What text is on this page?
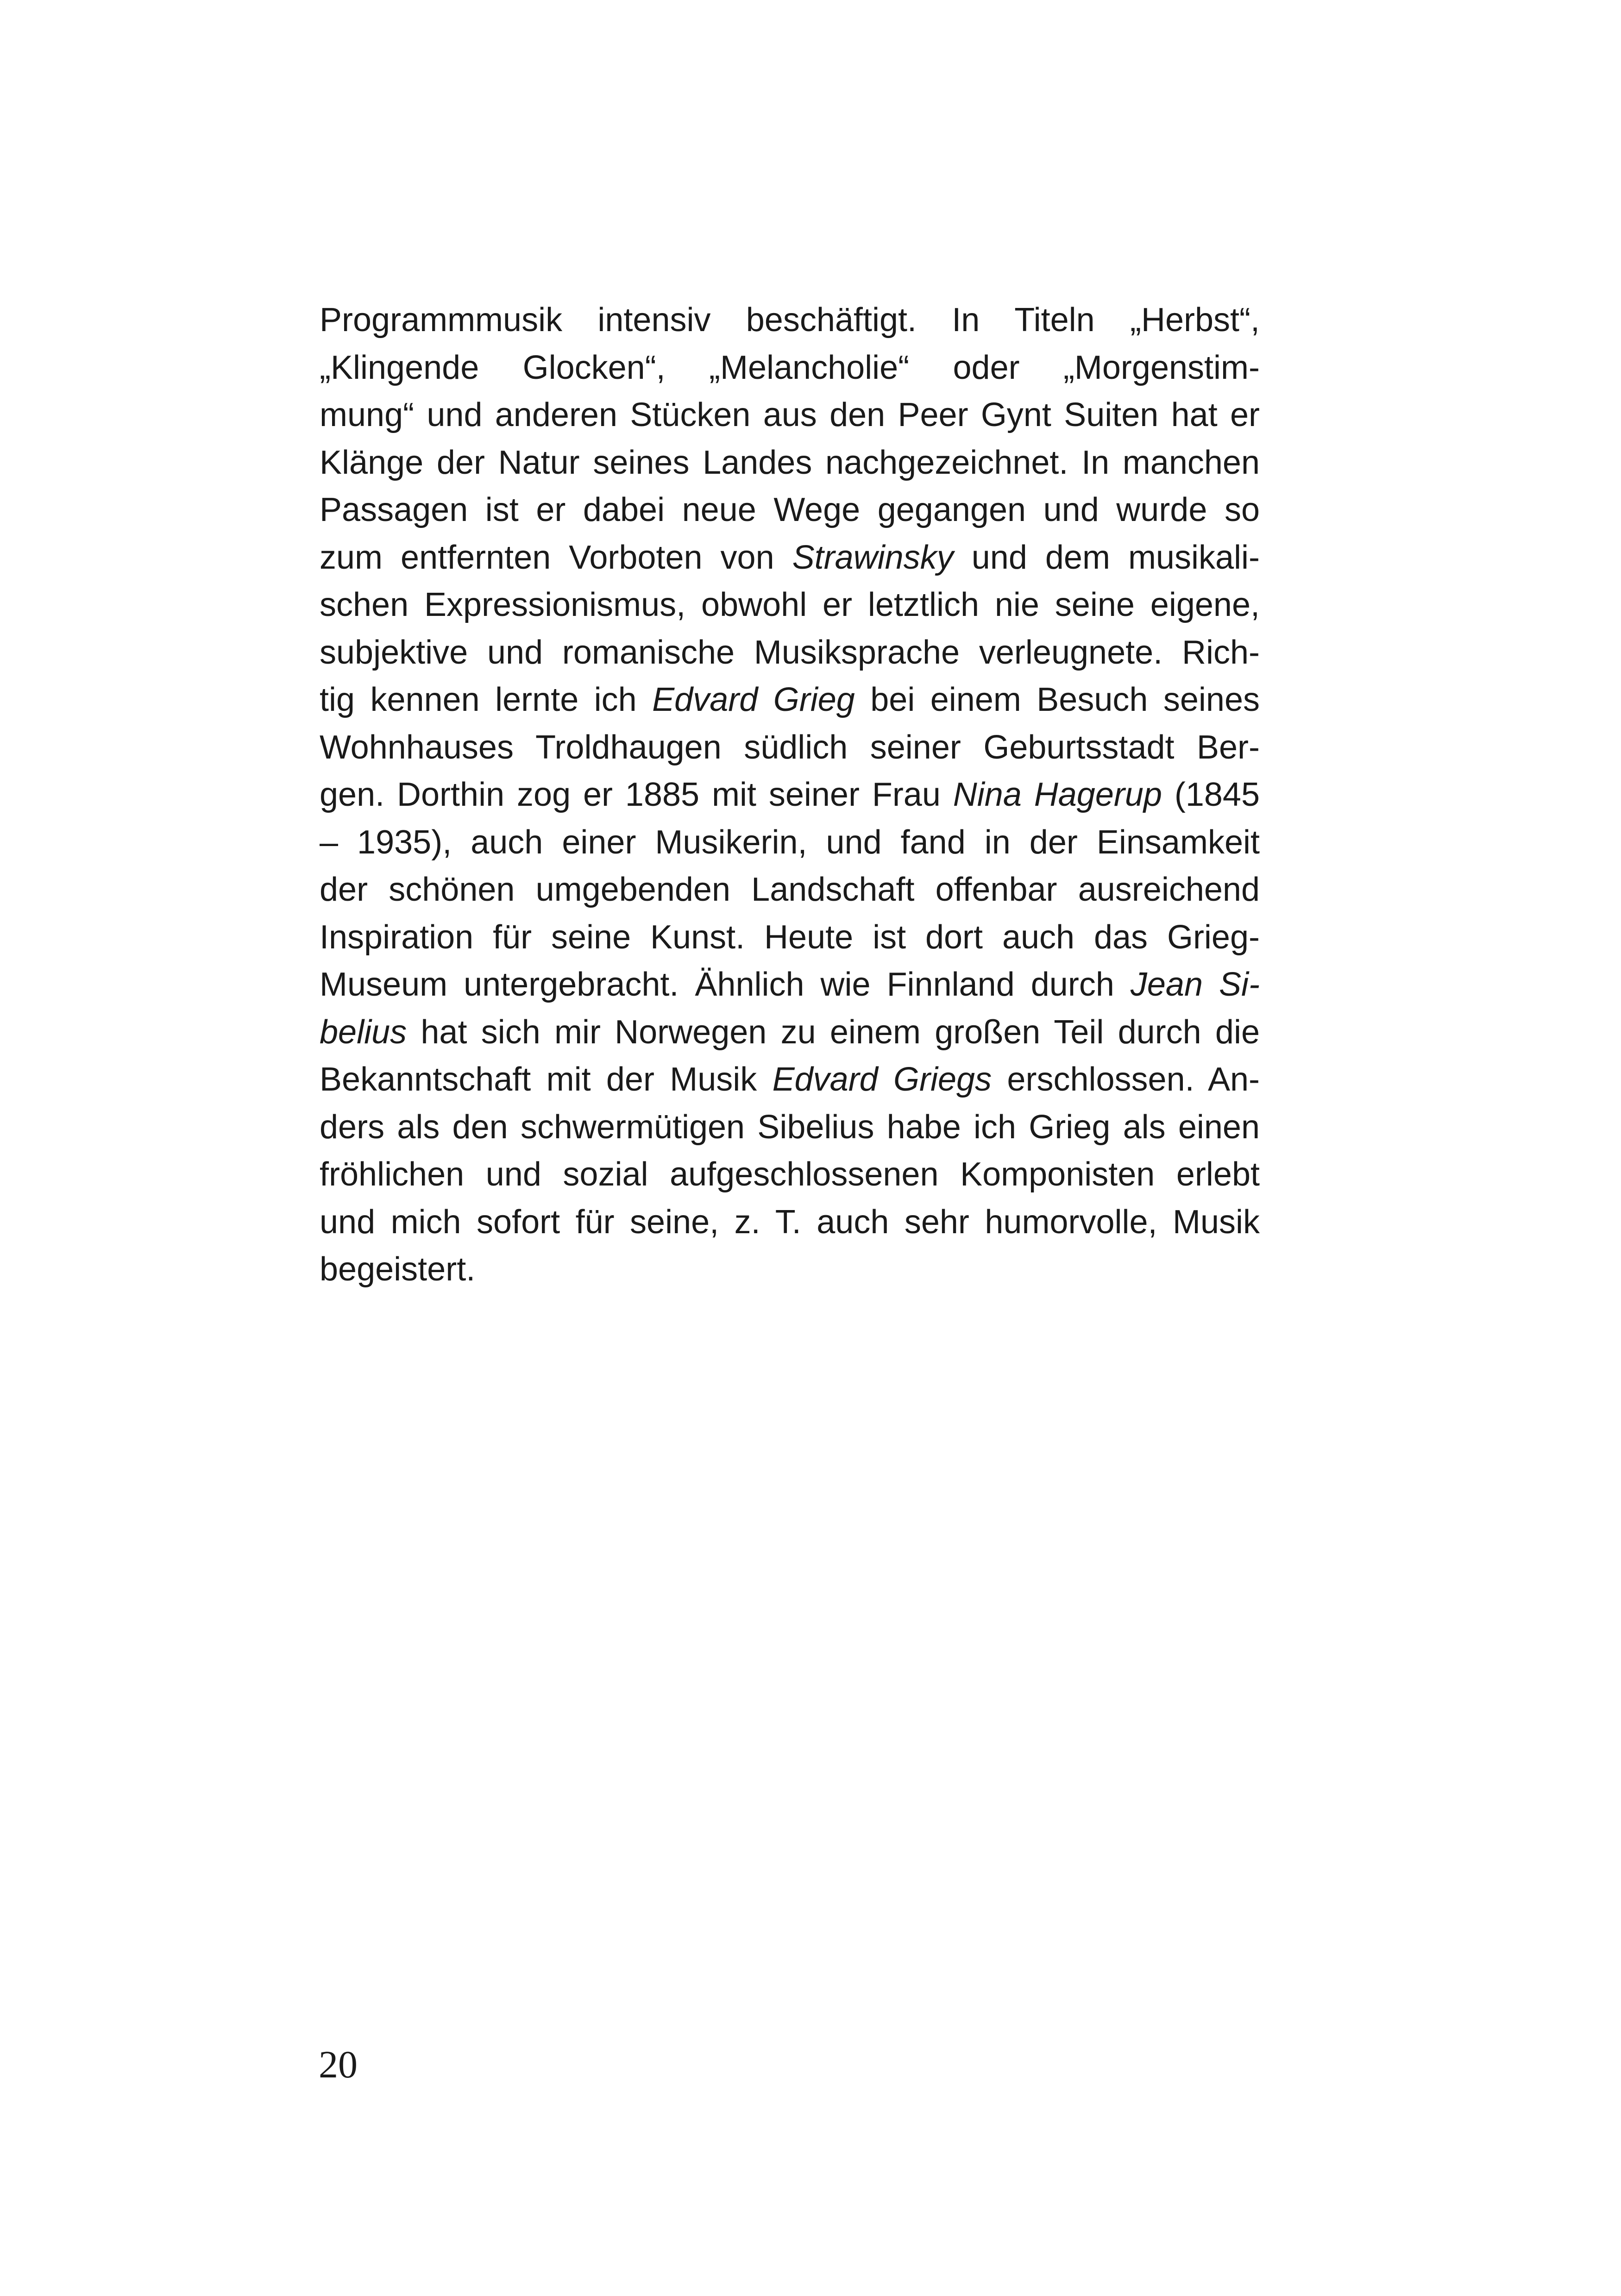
Programmmusik intensiv beschäftigt. In Titeln „Herbst“,
„Klingende Glocken“, „Melancholie“ oder „Morgenstim-
mung“ und anderen Stücken aus den Peer Gynt Suiten hat er
Klänge der Natur seines Landes nachgezeichnet. In manchen
Passagen ist er dabei neue Wege gegangen und wurde so
zum entfernten Vorboten von Strawinsky und dem musikali-
schen Expressionismus, obwohl er letztlich nie seine eigene,
subjektive und romanische Musiksprache verleugnete. Rich-
tig kennen lernte ich Edvard Grieg bei einem Besuch seines
Wohnhauses Troldhaugen südlich seiner Geburtsstadt Ber-
gen. Dorthin zog er 1885 mit seiner Frau Nina Hagerup (1845
– 1935), auch einer Musikerin, und fand in der Einsamkeit
der schönen umgebenden Landschaft offenbar ausreichend
Inspiration für seine Kunst. Heute ist dort auch das Grieg-
Museum untergebracht. Ähnlich wie Finnland durch Jean Si-
belius hat sich mir Norwegen zu einem großen Teil durch die
Bekanntschaft mit der Musik Edvard Griegs erschlossen. An-
ders als den schwermütigen Sibelius habe ich Grieg als einen
fröhlichen und sozial aufgeschlossenen Komponisten erlebt
und mich sofort für seine, z. T. auch sehr humorvolle, Musik
begeistert.
20
